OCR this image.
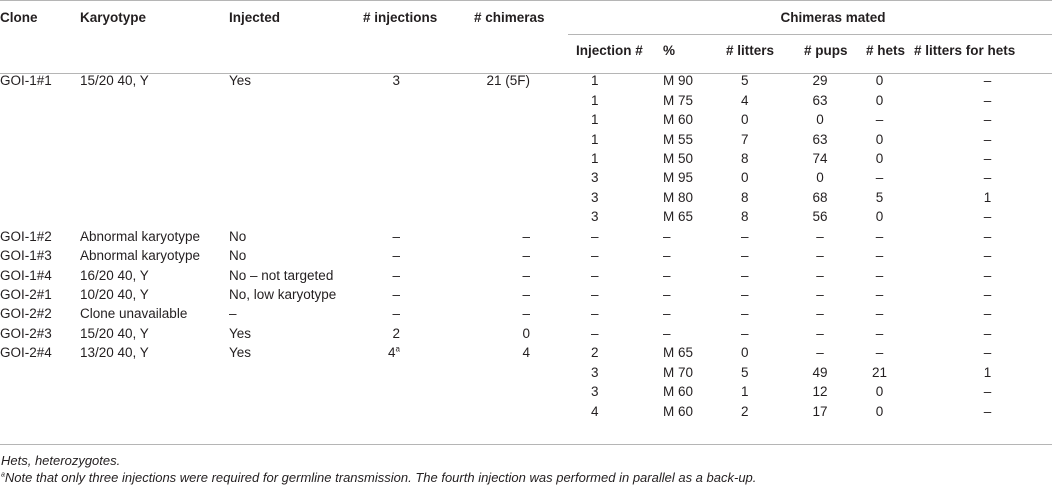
Clone	Karyotype	Injected	# injections	# chimeras	Chimeras mated					
					Injection #	%	# litters	# pups	# hets	# litters for hets
GOI-1#1	15/20 40, Y	Yes	3	21 (5F)	1	M 90	5	29	0	–
					1	M 75	4	63	0	–
					1	M 60	0	0	–	–
					1	M 55	7	63	0	–
					1	M 50	8	74	0	–
					3	M 95	0	0	–	–
					3	M 80	8	68	5	1
					3	M 65	8	56	0	–
GOI-1#2	Abnormal karyotype	No	–	–	–	–	–	–	–	–
GOI-1#3	Abnormal karyotype	No	–	–	–	–	–	–	–	–
GOI-1#4	16/20 40, Y	No – not targeted	–	–	–	–	–	–	–	–
GOI-2#1	10/20 40, Y	No, low karyotype	–	–	–	–	–	–	–	–
GOI-2#2	Clone unavailable	–	–	–	–	–	–	–	–	–
GOI-2#3	15/20 40, Y	Yes	2	0	–	–	–	–	–	–
GOI-2#4	13/20 40, Y	Yes	4$^a$	4	2	M 65	0	–	–	–
					3	M 70	5	49	21	1
					3	M 60	1	12	0	–
					4	M 60	2	17	0	–
Hets, heterozygotes.
$^a$Note that only three injections were required for germline transmission. The fourth injection was performed in parallel as a back-up.
